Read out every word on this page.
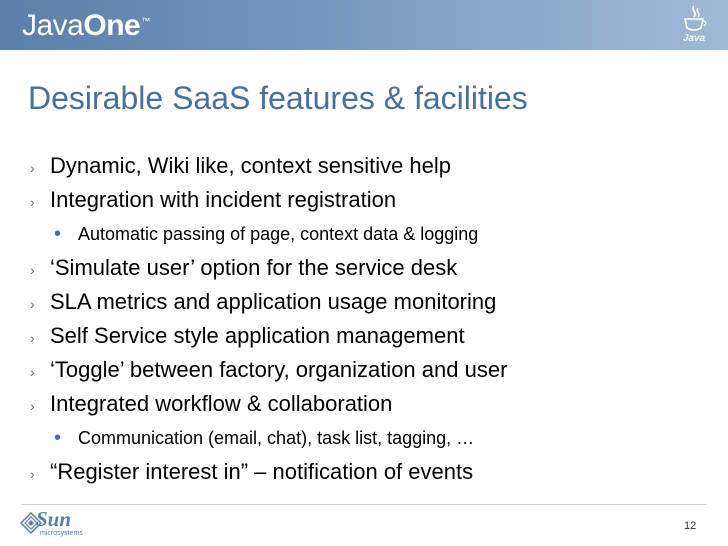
Java One ™
Java
Desirable SaaS features & facilities
› Dynamic, Wiki like, context sensitive help
› Integration with incident registration
• Automatic passing of page, context data & logging
› ‘Simulate user’ option for the service desk
› SLA metrics and application usage monitoring
› Self Service style application management
› ‘Toggle’ between factory, organization and user
› Integrated workflow & collaboration
• Communication (email, chat), task list, tagging, …
› “Register interest in” – notification of events
Sun
microsystems
12
